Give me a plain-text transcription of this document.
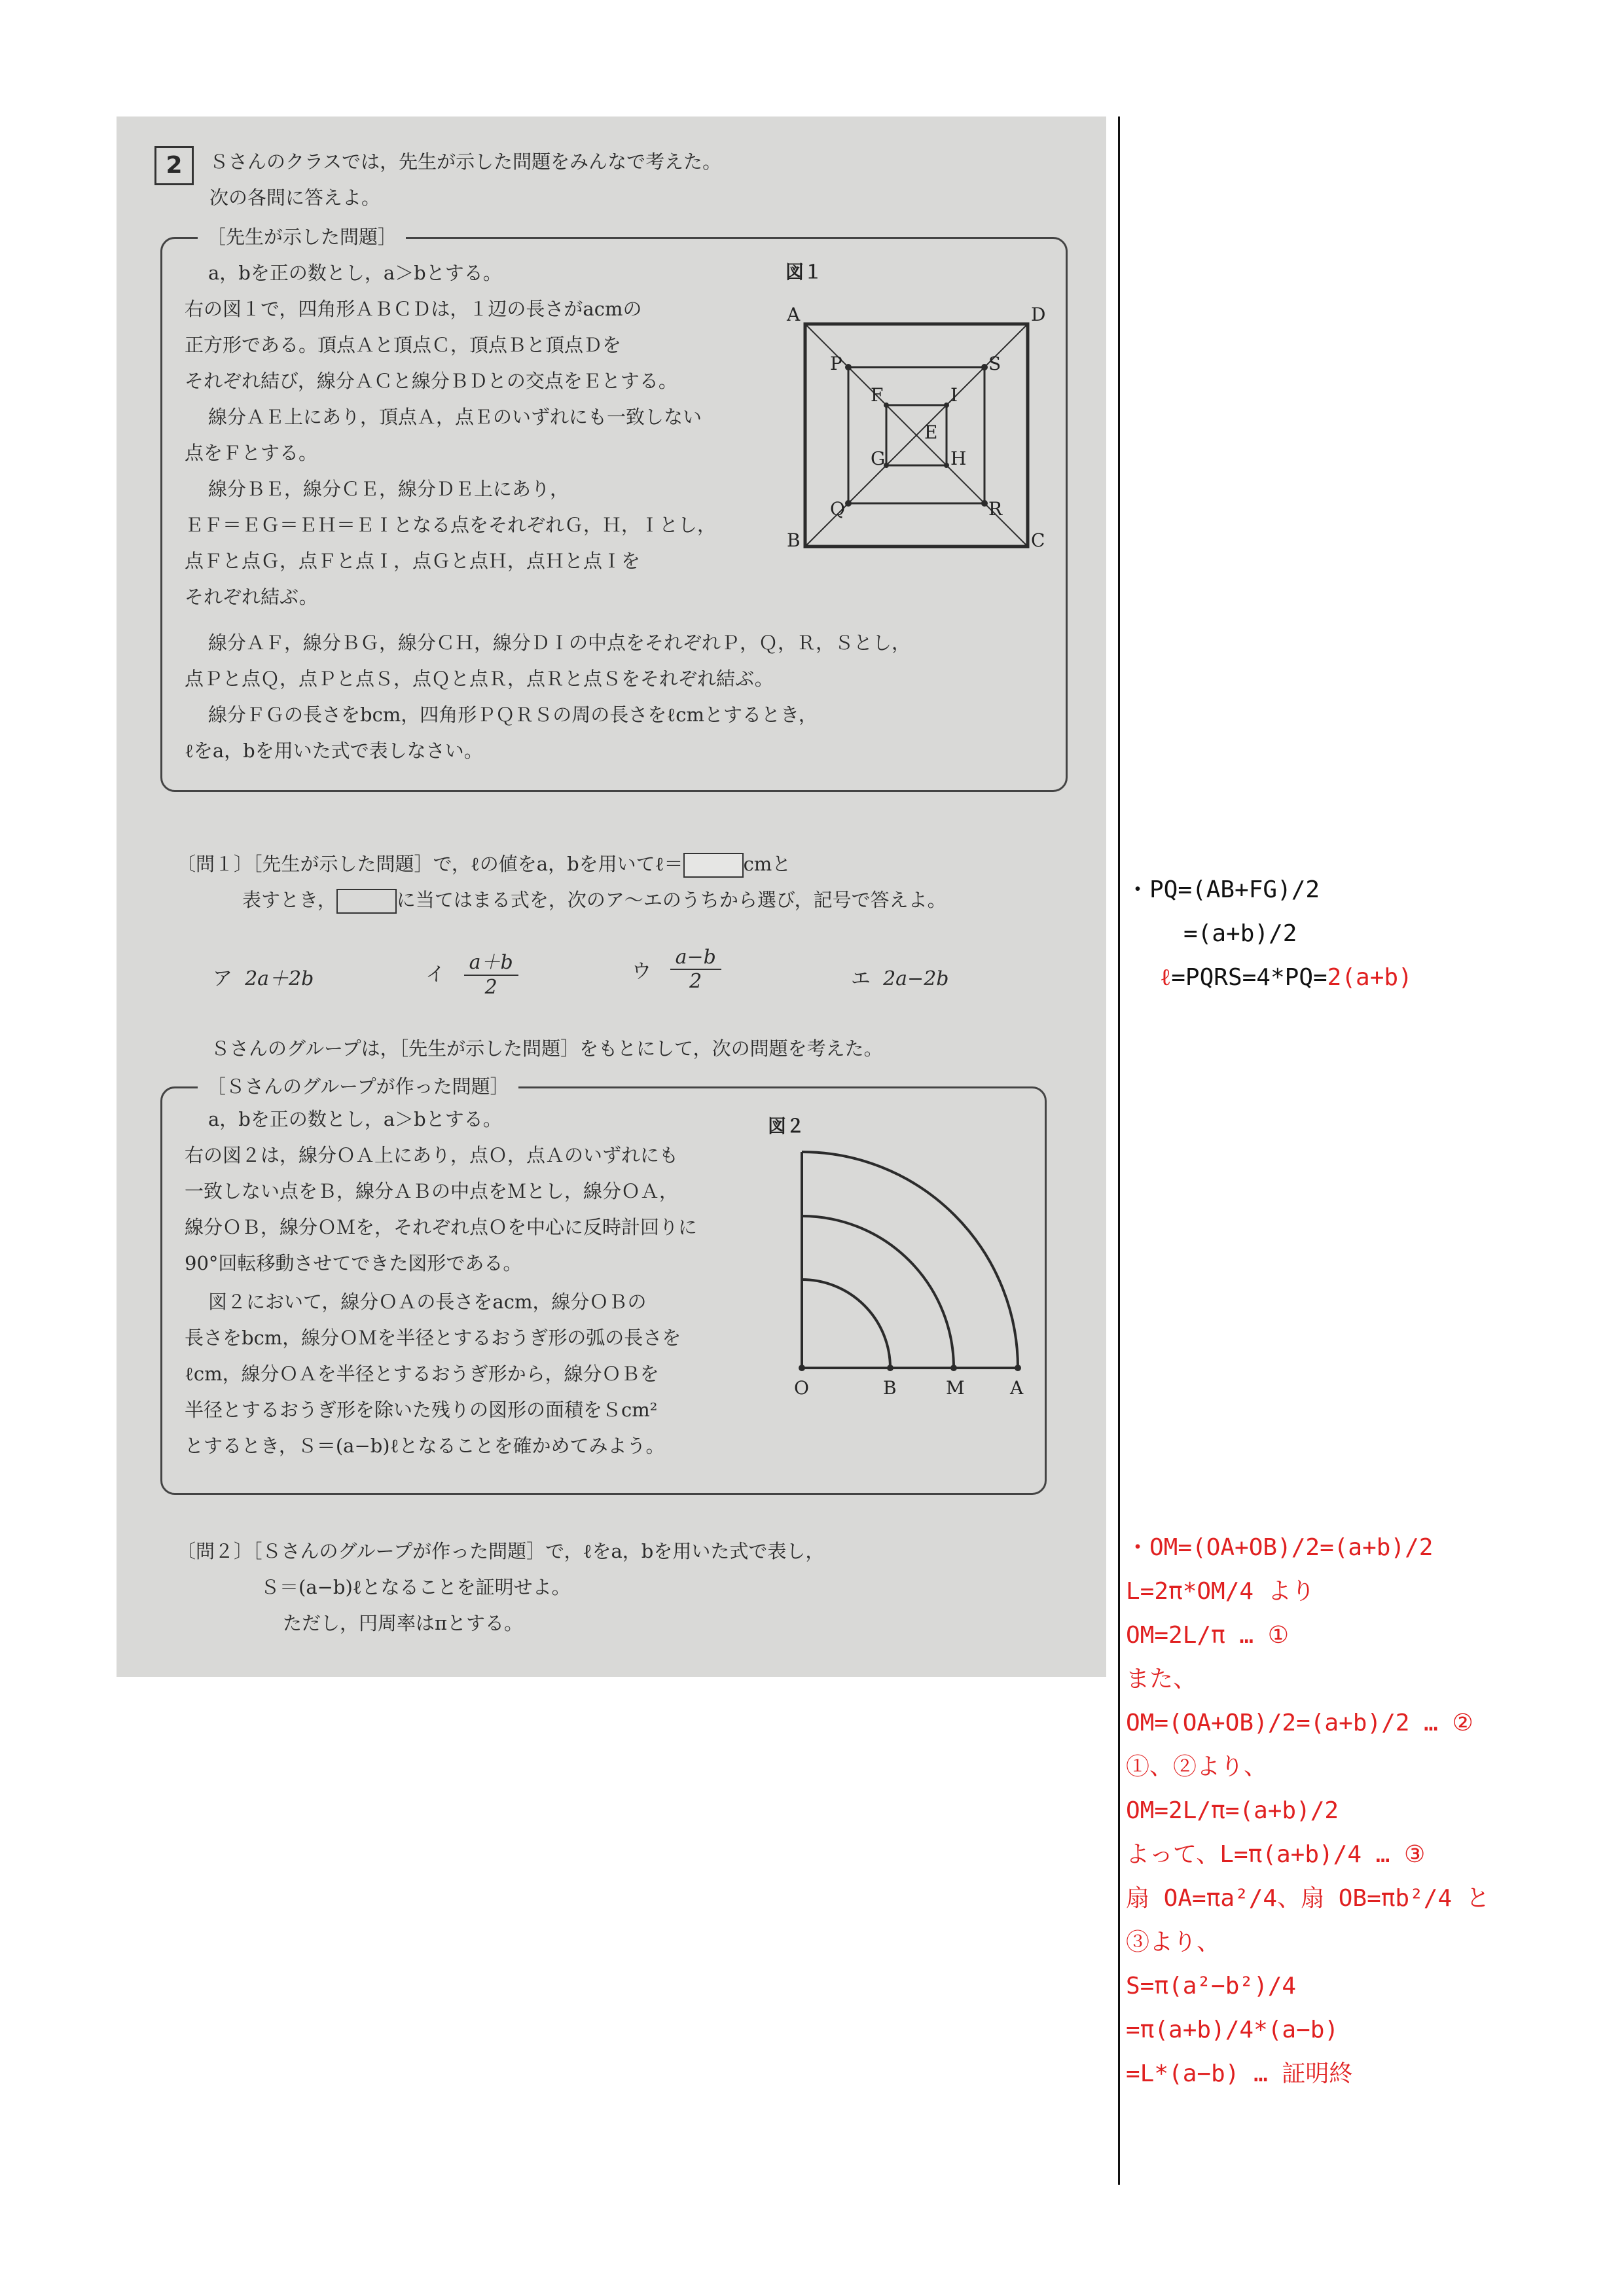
2	Ｓさんのクラスでは，先生が示した問題をみんなで考えた。
次の各問に答えよ。
［先生が示した問題］
a，bを正の数とし，a＞bとする。
右の図１で，四角形ＡＢＣＤは，１辺の長さがacmの
正方形である。頂点Ａと頂点Ｃ，頂点Ｂと頂点Ｄを
それぞれ結び，線分ＡＣと線分ＢＤとの交点をＥとする。
線分ＡＥ上にあり，頂点Ａ，点Ｅのいずれにも一致しない
点をＦとする。
線分ＢＥ，線分ＣＥ，線分ＤＥ上にあり，
ＥＦ＝ＥＧ＝ＥＨ＝ＥＩとなる点をそれぞれＧ，Ｈ，Ｉとし，
点Ｆと点Ｇ，点Ｆと点Ｉ，点Ｇと点Ｈ，点Ｈと点Ｉを
それぞれ結ぶ。
線分ＡＦ，線分ＢＧ，線分ＣＨ，線分ＤＩの中点をそれぞれＰ，Ｑ，Ｒ，Ｓとし，
点Ｐと点Ｑ，点Ｐと点Ｓ，点Ｑと点Ｒ，点Ｒと点Ｓをそれぞれ結ぶ。
線分ＦＧの長さをbcm，四角形ＰＱＲＳの周の長さをℓcmとするとき，
ℓをa，bを用いた式で表しなさい。
図１
A	D
B	C
P	S
Q	R
F	I
G	H
E
〔問１〕［先生が示した問題］で，ℓの値をa，bを用いてℓ＝	cmと
表すとき，	に当てはまる式を，次のア〜エのうちから選び，記号で答えよ。
ア 2a＋2b	イ $\frac{a+b}{2}$	ウ $\frac{a-b}{2}$	エ 2a−2b
Ｓさんのグループは，［先生が示した問題］をもとにして，次の問題を考えた。
［Ｓさんのグループが作った問題］
a，bを正の数とし，a＞bとする。
右の図２は，線分ＯＡ上にあり，点Ｏ，点Ａのいずれにも
一致しない点をＢ，線分ＡＢの中点をＭとし，線分ＯＡ，
線分ＯＢ，線分ＯＭを，それぞれ点Ｏを中心に反時計回りに
90°回転移動させてできた図形である。
図２において，線分ＯＡの長さをacm，線分ＯＢの
長さをbcm，線分ＯＭを半径とするおうぎ形の弧の長さを
ℓcm，線分ＯＡを半径とするおうぎ形から，線分ＯＢを
半径とするおうぎ形を除いた残りの図形の面積をＳcm²
とするとき，Ｓ＝(a−b)ℓとなることを確かめてみよう。
図２
O	B	M A
〔問２〕［Ｓさんのグループが作った問題］で，ℓをa，bを用いた式で表し，
Ｓ＝(a−b)ℓとなることを証明せよ。
ただし，円周率はπとする。
・PQ=(AB+FG)/2
=(a+b)/2
ℓ=PQRS=4*PQ=2(a+b)
・OM=(OA+OB)/2=(a+b)/2
L=2π*OM/4 より
OM=2L/π … ①
また、
OM=(OA+OB)/2=(a+b)/2 … ②
①、②より、
OM=2L/π=(a+b)/2
よって、L=π(a+b)/4 … ③
扇 OA=πa²/4、扇 OB=πb²/4 と
③より、
S=π(a²−b²)/4
=π(a+b)/4*(a−b)
=L*(a−b) … 証明終
